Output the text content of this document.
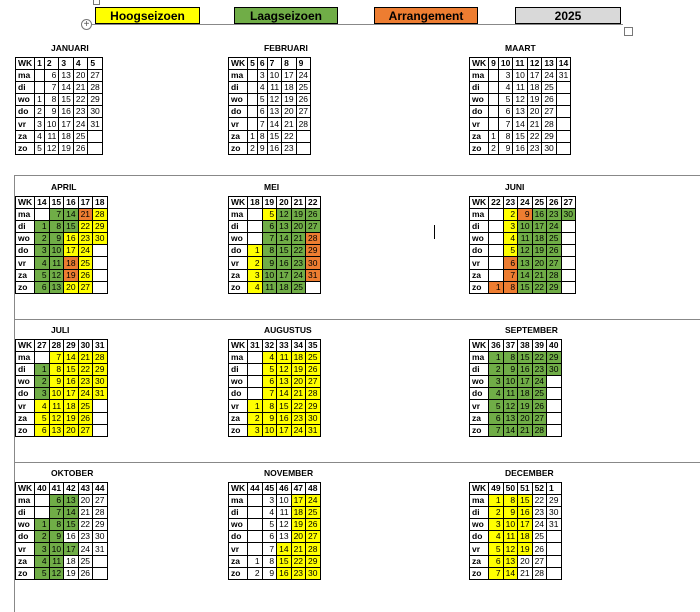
Hoogseizoen	Laagseizoen	Arrangement	2025
+
JANUARI
WK	1	2	3	4	5
ma		6	13	20	27
di		7	14	21	28
wo	1	8	15	22	29
do	2	9	16	23	30
vr	3	10	17	24	31
za	4	11	18	25	
zo	5	12	19	26	
FEBRUARI
WK	5	6	7	8	9
ma		3	10	17	24
di		4	11	18	25
wo		5	12	19	26
do		6	13	20	27
vr		7	14	21	28
za	1	8	15	22	
zo	2	9	16	23	
MAART
WK	9	10	11	12	13	14
ma		3	10	17	24	31
di		4	11	18	25	
wo		5	12	19	26	
do		6	13	20	27	
vr		7	14	21	28	
za	1	8	15	22	29	
zo	2	9	16	23	30	
APRIL
WK	14	15	16	17	18
ma		7	14	21	28
di	1	8	15	22	29
wo	2	9	16	23	30
do	3	10	17	24	
vr	4	11	18	25	
za	5	12	19	26	
zo	6	13	20	27	
MEI
WK	18	19	20	21	22
ma		5	12	19	26
di		6	13	20	27
wo		7	14	21	28
do	1	8	15	22	29
vr	2	9	16	23	30
za	3	10	17	24	31
zo	4	11	18	25	
JUNI
WK	22	23	24	25	26	27
ma		2	9	16	23	30
di		3	10	17	24	
wo		4	11	18	25	
do		5	12	19	26	
vr		6	13	20	27	
za		7	14	21	28	
zo	1	8	15	22	29	
JULI
WK	27	28	29	30	31
ma		7	14	21	28
di	1	8	15	22	29
wo	2	9	16	23	30
do	3	10	17	24	31
vr	4	11	18	25	
za	5	12	19	26	
zo	6	13	20	27	
AUGUSTUS
WK	31	32	33	34	35
ma		4	11	18	25
di		5	12	19	26
wo		6	13	20	27
do		7	14	21	28
vr	1	8	15	22	29
za	2	9	16	23	30
zo	3	10	17	24	31
SEPTEMBER
WK	36	37	38	39	40
ma	1	8	15	22	29
di	2	9	16	23	30
wo	3	10	17	24	
do	4	11	18	25	
vr	5	12	19	26	
za	6	13	20	27	
zo	7	14	21	28	
OKTOBER
WK	40	41	42	43	44
ma		6	13	20	27
di		7	14	21	28
wo	1	8	15	22	29
do	2	9	16	23	30
vr	3	10	17	24	31
za	4	11	18	25	
zo	5	12	19	26	
NOVEMBER
WK	44	45	46	47	48
ma		3	10	17	24
di		4	11	18	25
wo		5	12	19	26
do		6	13	20	27
vr		7	14	21	28
za	1	8	15	22	29
zo	2	9	16	23	30
DECEMBER
WK	49	50	51	52	1
ma	1	8	15	22	29
di	2	9	16	23	30
wo	3	10	17	24	31
do	4	11	18	25	
vr	5	12	19	26	
za	6	13	20	27	
zo	7	14	21	28	
